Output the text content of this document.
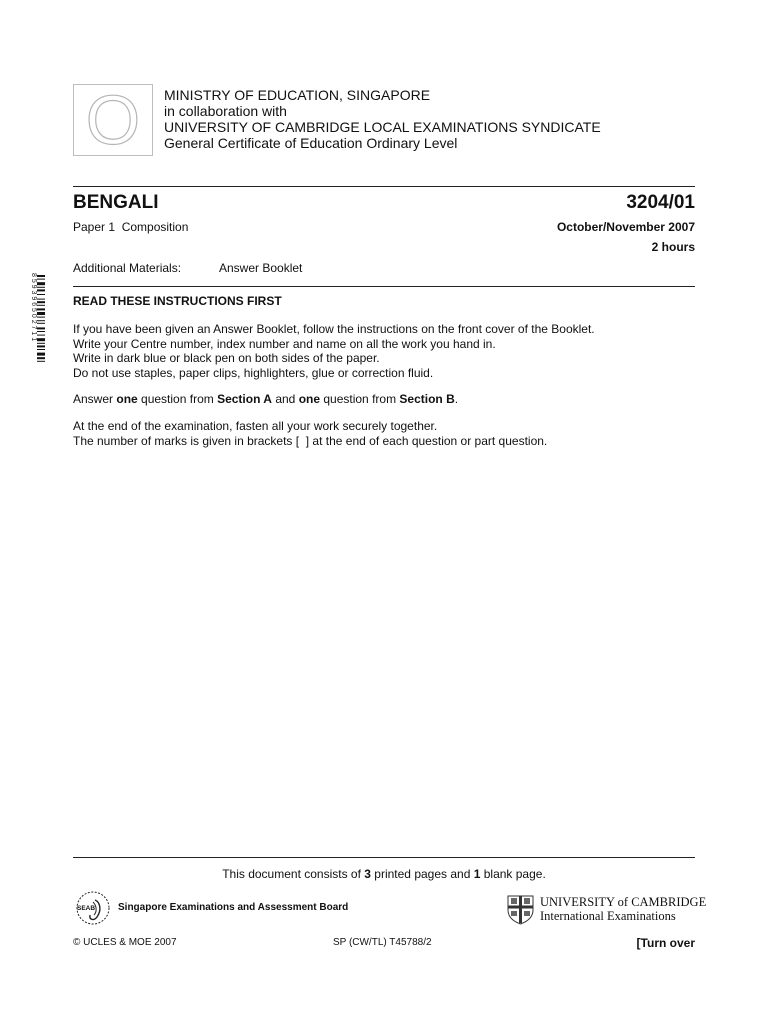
O	MINISTRY OF EDUCATION, SINGAPORE
in collaboration with
UNIVERSITY OF CAMBRIDGE LOCAL EXAMINATIONS SYNDICATE
General Certificate of Education Ordinary Level
BENGALI	3204/01
Paper 1  Composition	October/November 2007
2 hours
Additional Materials:	Answer Booklet
8 5 9 3 9 6 5 0 2 7 1 1	READ THESE INSTRUCTIONS FIRST
If you have been given an Answer Booklet, follow the instructions on the front cover of the Booklet.
Write your Centre number, index number and name on all the work you hand in.
Write in dark blue or black pen on both sides of the paper.
Do not use staples, paper clips, highlighters, glue or correction fluid.
Answer one question from Section A and one question from Section B.
At the end of the examination, fasten all your work securely together.
The number of marks is given in brackets [  ] at the end of each question or part question.
This document consists of 3 printed pages and 1 blank page.
SEAB Singapore Examinations and Assessment Board	UNIVERSITY of CAMBRIDGE
International Examinations
© UCLES & MOE 2007	SP (CW/TL) T45788/2	[Turn over
